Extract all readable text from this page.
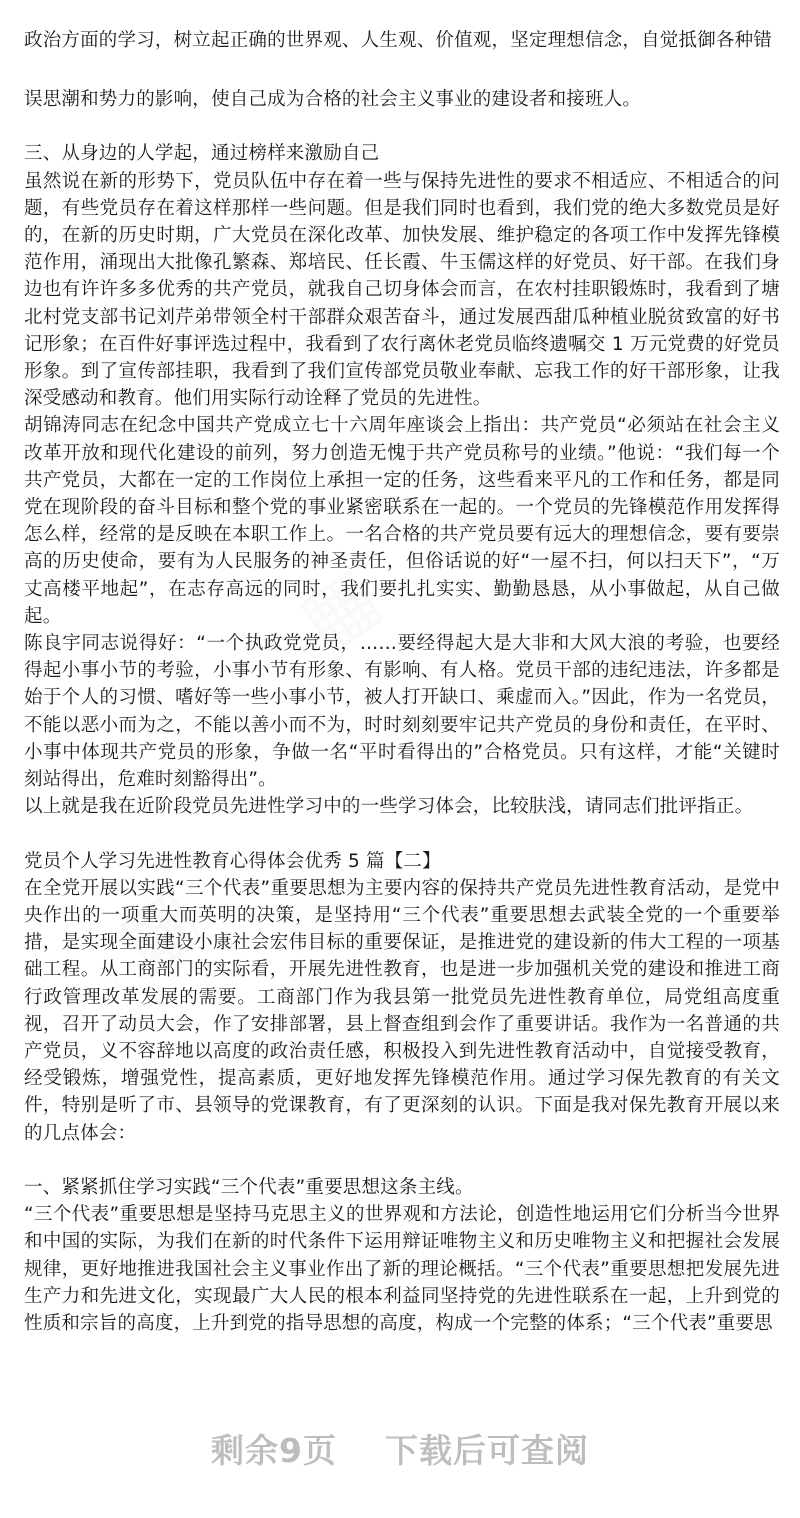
政治方面的学习，树立起正确的世界观、人生观、价值观，坚定理想信念，自觉抵御各种错

误思潮和势力的影响，使自己成为合格的社会主义事业的建设者和接班人。

三、从身边的人学起，通过榜样来激励自己

虽然说在新的形势下，党员队伍中存在着一些与保持先进性的要求不相适应、不相适合的问题，有些党员存在着这样那样一些问题。但是我们同时也看到，我们党的绝大多数党员是好的，在新的历史时期，广大党员在深化改革、加快发展、维护稳定的各项工作中发挥先锋模范作用，涌现出大批像孔繁森、郑培民、任长霞、牛玉儒这样的好党员、好干部。在我们身边也有许许多多优秀的共产党员，就我自己切身体会而言，在农村挂职锻炼时，我看到了塘北村党支部书记刘芹弟带领全村干部群众艰苦奋斗，通过发展西甜瓜种植业脱贫致富的好书记形象；在百件好事评选过程中，我看到了农行离休老党员临终遗嘱交 1 万元党费的好党员形象。到了宣传部挂职，我看到了我们宣传部党员敬业奉献、忘我工作的好干部形象，让我深受感动和教育。他们用实际行动诠释了党员的先进性。

胡锦涛同志在纪念中国共产党成立七十六周年座谈会上指出：共产党员“必须站在社会主义改革开放和现代化建设的前列，努力创造无愧于共产党员称号的业绩。”他说：“我们每一个共产党员，大都在一定的工作岗位上承担一定的任务，这些看来平凡的工作和任务，都是同党在现阶段的奋斗目标和整个党的事业紧密联系在一起的。一个党员的先锋模范作用发挥得怎么样，经常的是反映在本职工作上。一名合格的共产党员要有远大的理想信念，要有要崇高的历史使命，要有为人民服务的神圣责任，但俗话说的好“一屋不扫，何以扫天下”，“万丈高楼平地起”，在志存高远的同时，我们要扎扎实实、勤勤恳恳，从小事做起，从自己做起。

陈良宇同志说得好：“一个执政党党员，……要经得起大是大非和大风大浪的考验，也要经得起小事小节的考验，小事小节有形象、有影响、有人格。党员干部的违纪违法，许多都是始于个人的习惯、嗜好等一些小事小节，被人打开缺口、乘虚而入。”因此，作为一名党员，不能以恶小而为之，不能以善小而不为，时时刻刻要牢记共产党员的身份和责任，在平时、小事中体现共产党员的形象，争做一名“平时看得出的”合格党员。只有这样，才能“关键时刻站得出，危难时刻豁得出”。

以上就是我在近阶段党员先进性学习中的一些学习体会，比较肤浅，请同志们批评指正。

党员个人学习先进性教育心得体会优秀 5 篇【二】

在全党开展以实践“三个代表”重要思想为主要内容的保持共产党员先进性教育活动，是党中央作出的一项重大而英明的决策，是坚持用“三个代表”重要思想去武装全党的一个重要举措，是实现全面建设小康社会宏伟目标的重要保证，是推进党的建设新的伟大工程的一项基础工程。从工商部门的实际看，开展先进性教育，也是进一步加强机关党的建设和推进工商行政管理改革发展的需要。工商部门作为我县第一批党员先进性教育单位，局党组高度重视，召开了动员大会，作了安排部署，县上督查组到会作了重要讲话。我作为一名普通的共产党员，义不容辞地以高度的政治责任感，积极投入到先进性教育活动中，自觉接受教育，经受锻炼，增强党性，提高素质，更好地发挥先锋模范作用。通过学习保先教育的有关文件，特别是听了市、县领导的党课教育，有了更深刻的认识。下面是我对保先教育开展以来的几点体会：

一、紧紧抓住学习实践“三个代表”重要思想这条主线。

“三个代表”重要思想是坚持马克思主义的世界观和方法论，创造性地运用它们分析当今世界和中国的实际，为我们在新的时代条件下运用辩证唯物主义和历史唯物主义和把握社会发展规律，更好地推进我国社会主义事业作出了新的理论概括。“三个代表”重要思想把发展先进生产力和先进文化，实现最广大人民的根本利益同坚持党的先进性联系在一起，上升到党的性质和宗旨的高度，上升到党的指导思想的高度，构成一个完整的体系；“三个代表”重要思

剩余9页 下载后可查阅
